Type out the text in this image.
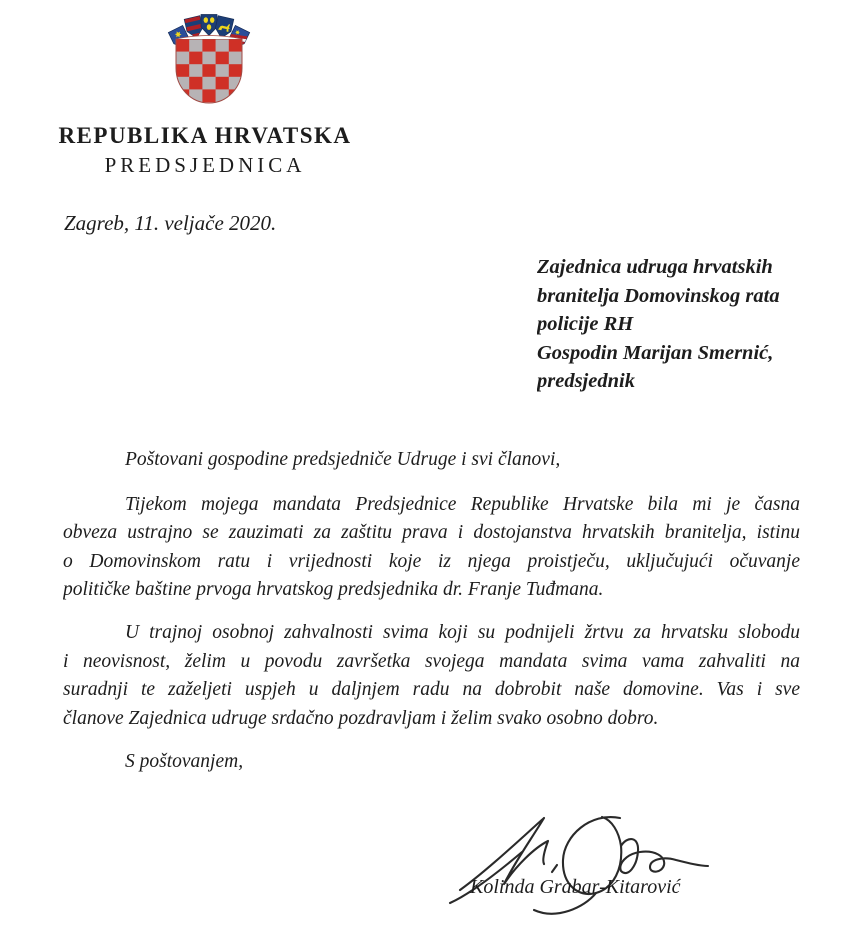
REPUBLIKA HRVATSKA
PREDSJEDNICA
Zagreb, 11. veljače 2020.
Zajednica udruga hrvatskih
branitelja Domovinskog rata
policije RH
Gospodin Marijan Smernić,
predsjednik
Poštovani gospodine predsjedniče Udruge i svi članovi,
Tijekom mojega mandata Predsjednice Republike Hrvatske bila mi je časna
obveza ustrajno se zauzimati za zaštitu prava i dostojanstva hrvatskih branitelja, istinu
o Domovinskom ratu i vrijednosti koje iz njega proistječu, uključujući očuvanje
političke baštine prvoga hrvatskog predsjednika dr. Franje Tuđmana.
U trajnoj osobnoj zahvalnosti svima koji su podnijeli žrtvu za hrvatsku slobodu
i neovisnost, želim u povodu završetka svojega mandata svima vama zahvaliti na
suradnji te zaželjeti uspjeh u daljnjem radu na dobrobit naše domovine. Vas i sve
članove Zajednica udruge srdačno pozdravljam i želim svako osobno dobro.
S poštovanjem,
Kolinda Grabar-Kitarović
